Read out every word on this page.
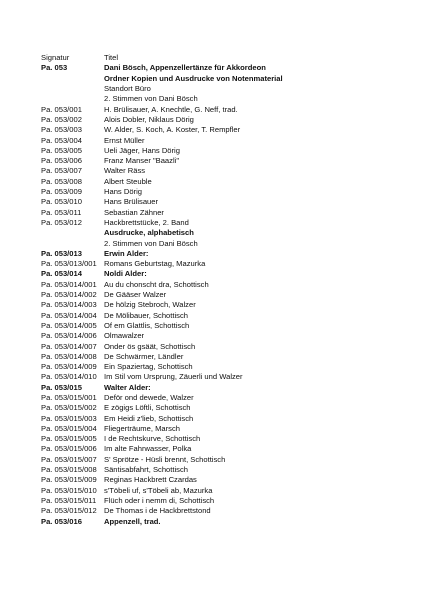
Signatur	Titel
Pa. 053	Dani Bösch, Appenzellertänze für Akkordeon
Ordner Kopien und Ausdrucke von Notenmaterial
Standort Büro
2. Stimmen von Dani Bösch
Pa. 053/001	H. Brülisauer, A. Knechtle, G. Neff, trad.
Pa. 053/002	Alois Dobler, Niklaus Dörig
Pa. 053/003	W. Alder, S. Koch, A. Koster, T. Rempfler
Pa. 053/004	Ernst Müller
Pa. 053/005	Ueli Jäger, Hans Dörig
Pa. 053/006	Franz Manser "Baazli"
Pa. 053/007	Walter Räss
Pa. 053/008	Albert Steuble
Pa. 053/009	Hans Dörig
Pa. 053/010	Hans Brülisauer
Pa. 053/011	Sebastian Zähner
Pa. 053/012	Hackbrettstücke, 2. Band
Ausdrucke, alphabetisch
2. Stimmen von Dani Bösch
Pa. 053/013	Erwin Alder:
Pa. 053/013/001 Romans Geburtstag, Mazurka
Pa. 053/014	Noldi Alder:
Pa. 053/014/001 Au du chonscht dra, Schottisch
Pa. 053/014/002 De Gääser Walzer
Pa. 053/014/003 De hölzig Stebroch, Walzer
Pa. 053/014/004 De Mölibauer, Schottisch
Pa. 053/014/005 Of em Glattlis, Schottisch
Pa. 053/014/006 Olmawalzer
Pa. 053/014/007 Onder ös gsäät, Schottisch
Pa. 053/014/008 De Schwärmer, Ländler
Pa. 053/014/009 Ein Spaziertag, Schottisch
Pa. 053/014/010 Im Stil vom Ursprung, Zäuerli und Walzer
Pa. 053/015	Walter Alder:
Pa. 053/015/001 Deför ond dewede, Walzer
Pa. 053/015/002 E zögigs Löftli, Schottisch
Pa. 053/015/003 Em Heidi z'lieb, Schottisch
Pa. 053/015/004 Fliegerträume, Marsch
Pa. 053/015/005 I de Rechtskurve, Schottisch
Pa. 053/015/006 Im alte Fahrwasser, Polka
Pa. 053/015/007 S' Sprötze - Hüsli brennt, Schottisch
Pa. 053/015/008 Säntisabfahrt, Schottisch
Pa. 053/015/009 Reginas Hackbrett Czardas
Pa. 053/015/010 s'Töbeli uf, s'Töbeli ab, Mazurka
Pa. 053/015/011	Flüch oder i nemm di, Schottisch
Pa. 053/015/012 De Thomas i de Hackbrettstond
Pa. 053/016	Appenzell, trad.
